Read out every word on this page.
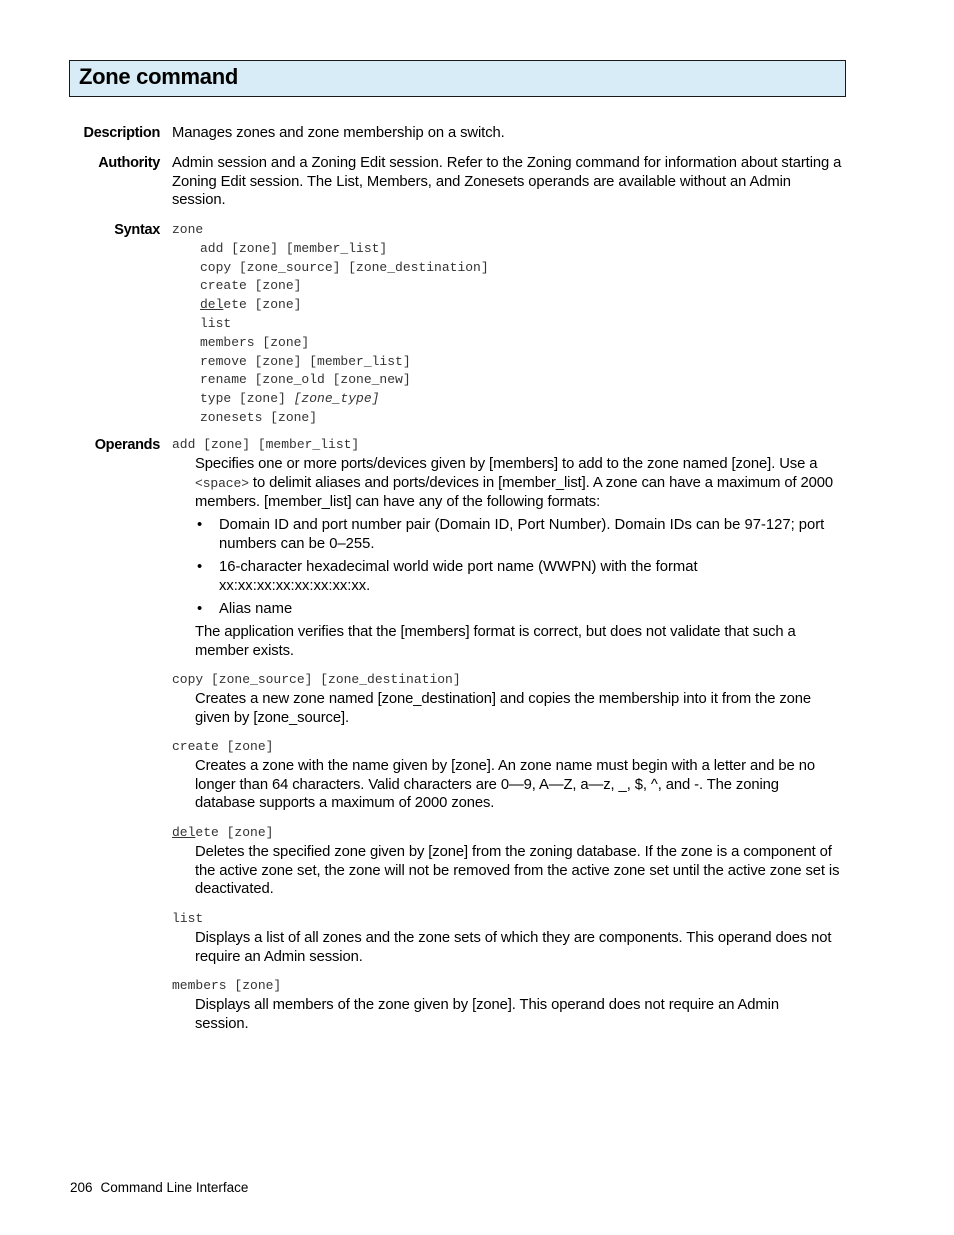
Zone command
Description Manages zones and zone membership on a switch.
Authority Admin session and a Zoning Edit session. Refer to the Zoning command for information about starting a Zoning Edit session. The List, Members, and Zonesets operands are available without an Admin session.
Syntax zone
add [zone] [member_list]
copy [zone_source] [zone_destination]
create [zone]
delete [zone]
list
members [zone]
remove [zone] [member_list]
rename [zone_old [zone_new]
type [zone] [zone_type]
zonesets [zone]
Operands add [zone] [member_list]
Specifies one or more ports/devices given by [members] to add to the zone named [zone]. Use a <space> to delimit aliases and ports/devices in [member_list]. A zone can have a maximum of 2000 members. [member_list] can have any of the following formats:
• Domain ID and port number pair (Domain ID, Port Number). Domain IDs can be 97-127; port numbers can be 0–255.
• 16-character hexadecimal world wide port name (WWPN) with the format xx:xx:xx:xx:xx:xx:xx:xx.
• Alias name
The application verifies that the [members] format is correct, but does not validate that such a member exists.
copy [zone_source] [zone_destination]
Creates a new zone named [zone_destination] and copies the membership into it from the zone given by [zone_source].
create [zone]
Creates a zone with the name given by [zone]. An zone name must begin with a letter and be no longer than 64 characters. Valid characters are 0—9, A—Z, a—z, _, $, ^, and -. The zoning database supports a maximum of 2000 zones.
delete [zone]
Deletes the specified zone given by [zone] from the zoning database. If the zone is a component of the active zone set, the zone will not be removed from the active zone set until the active zone set is deactivated.
list
Displays a list of all zones and the zone sets of which they are components. This operand does not require an Admin session.
members [zone]
Displays all members of the zone given by [zone]. This operand does not require an Admin session.
206 Command Line Interface
